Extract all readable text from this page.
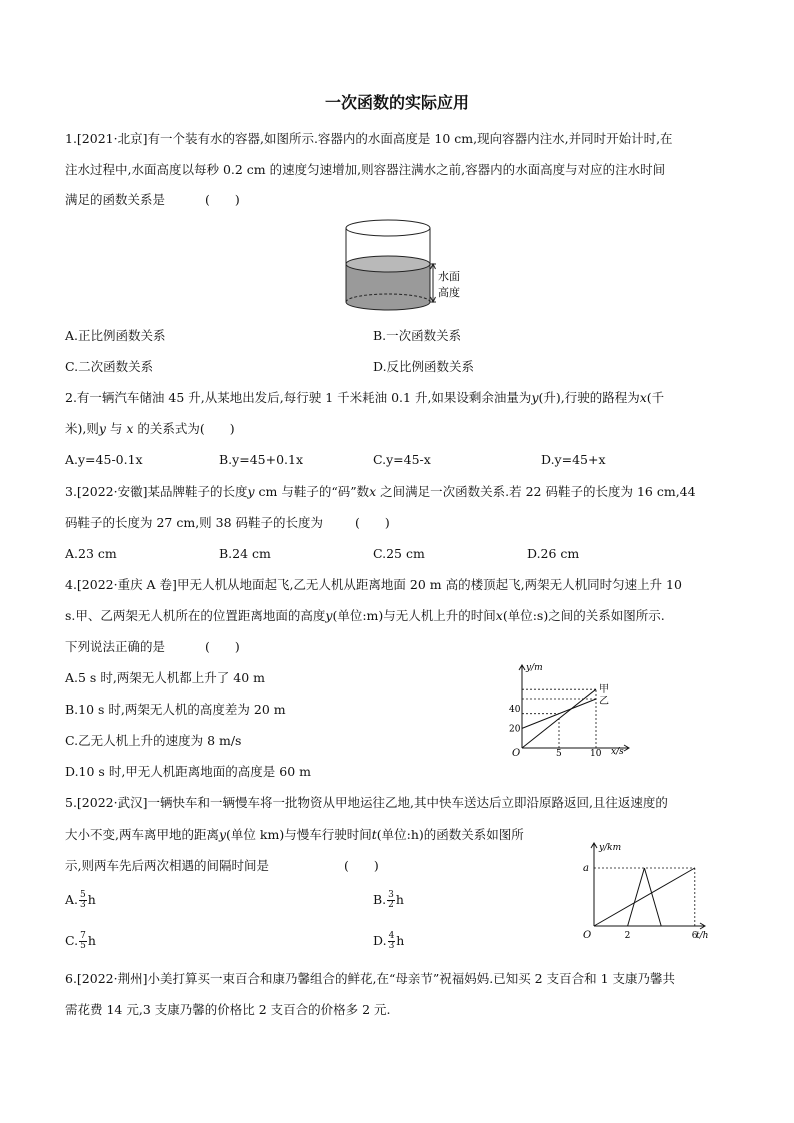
一次函数的实际应用
1.[2021·北京]有一个装有水的容器,如图所示.容器内的水面高度是 10 cm,现向容器内注水,并同时开始计时,在
注水过程中,水面高度以每秒 0.2 cm 的速度匀速增加,则容器注满水之前,容器内的水面高度与对应的注水时间
满足的函数关系是	(　　)
水面
高度
A.正比例函数关系	B.一次函数关系
C.二次函数关系	D.反比例函数关系
2.有一辆汽车储油 45 升,从某地出发后,每行驶 1 千米耗油 0.1 升,如果设剩余油量为y(升),行驶的路程为x(千
米),则y 与 x 的关系式为(　　)
A.y=45-0.1x	B.y=45+0.1x	C.y=45-x	D.y=45+x
3.[2022·安徽]某品牌鞋子的长度y cm 与鞋子的“码”数x 之间满足一次函数关系.若 22 码鞋子的长度为 16 cm,44
码鞋子的长度为 27 cm,则 38 码鞋子的长度为	(　　)
A.23 cm	B.24 cm	C.25 cm	D.26 cm
4.[2022·重庆 A 卷]甲无人机从地面起飞,乙无人机从距离地面 20 m 高的楼顶起飞,两架无人机同时匀速上升 10
s.甲、乙两架无人机所在的位置距离地面的高度y(单位:m)与无人机上升的时间x(单位:s)之间的关系如图所示.
下列说法正确的是	(　　)
A.5 s 时,两架无人机都上升了 40 m
B.10 s 时,两架无人机的高度差为 20 m
C.乙无人机上升的速度为 8 m/s
D.10 s 时,甲无人机距离地面的高度是 60 m
y/m
x/s
O
甲
乙
5	10
20
40
5.[2022·武汉]一辆快车和一辆慢车将一批物资从甲地运往乙地,其中快车送达后立即沿原路返回,且往返速度的
大小不变,两车离甲地的距离y(单位 km)与慢车行驶时间t(单位:h)的函数关系如图所
示,则两车先后两次相遇的间隔时间是	(　　)
A. $\frac{5}{3}$ h	B. $\frac{3}{2}$ h
C. $\frac{7}{5}$ h	D. $\frac{4}{3}$ h
y/km
t/h
O
a
2	6
6.[2022·荆州]小美打算买一束百合和康乃馨组合的鲜花,在“母亲节”祝福妈妈.已知买 2 支百合和 1 支康乃馨共
需花费 14 元,3 支康乃馨的价格比 2 支百合的价格多 2 元.
